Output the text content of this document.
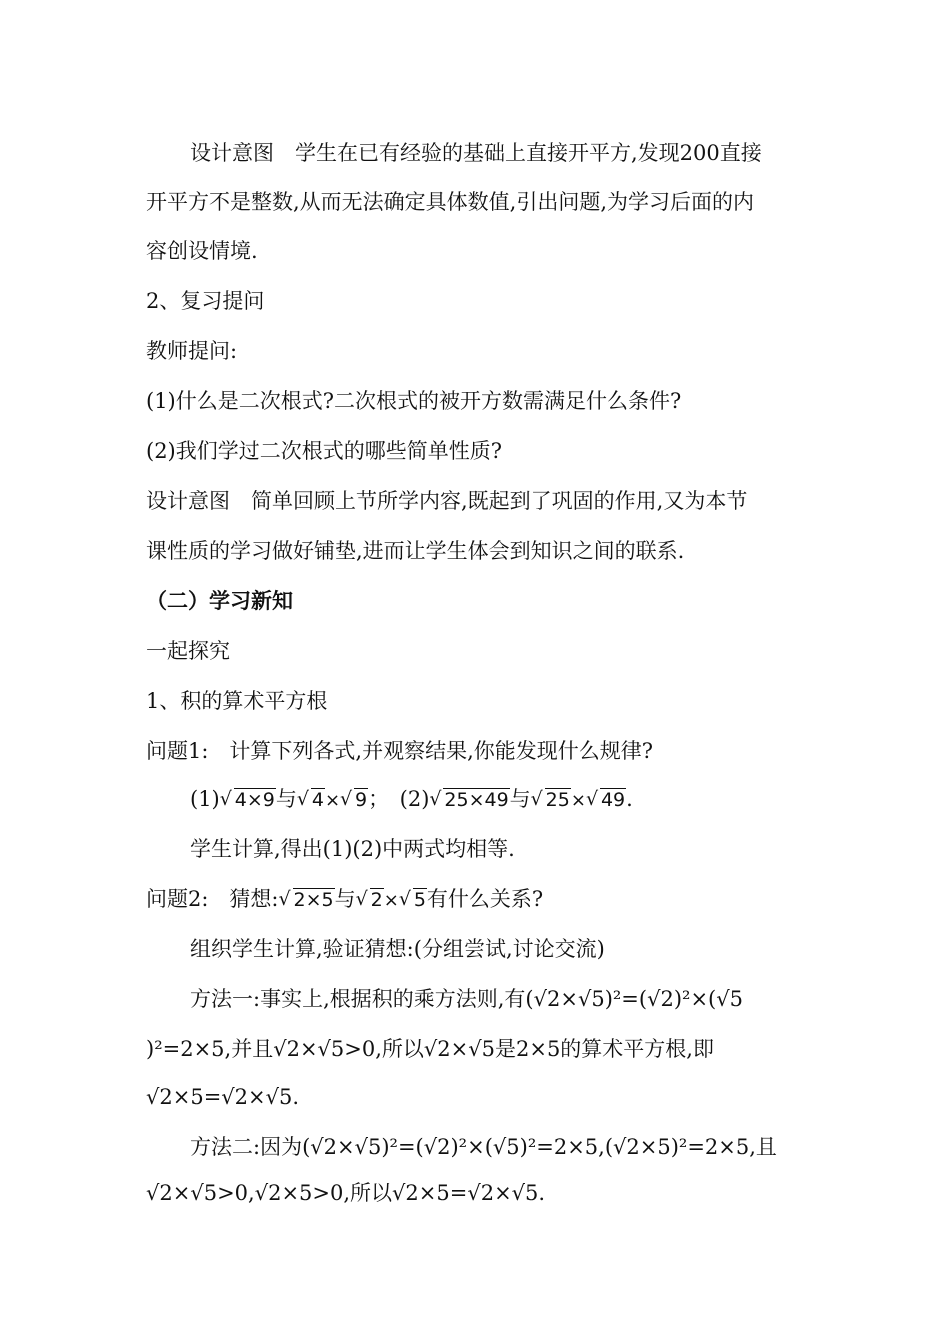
设计意图　学生在已有经验的基础上直接开平方,发现200直接
开平方不是整数,从而无法确定具体数值,引出问题,为学习后面的内
容创设情境.
2、复习提问
教师提问:
(1)什么是二次根式?二次根式的被开方数需满足什么条件?
(2)我们学过二次根式的哪些简单性质?
设计意图　简单回顾上节所学内容,既起到了巩固的作用,又为本节
课性质的学习做好铺垫,进而让学生体会到知识之间的联系.
（二）学习新知
一起探究
1、积的算术平方根
问题1:　计算下列各式,并观察结果,你能发现什么规律?
(1) √ 4×9与 √ 4× √ 9；　(2) √ 25×49与 √ 25× √ 49.
学生计算,得出(1)(2)中两式均相等.
问题2:　猜想: √ 2×5与 √ 2× √ 5有什么关系?
组织学生计算,验证猜想:(分组尝试,讨论交流)
方法一:事实上,根据积的乘方法则,有(√2×√5)²=(√2)²×(√5
)²=2×5,并且√2×√5>0,所以√2×√5是2×5的算术平方根,即
√2×5=√2×√5.
方法二:因为(√2×√5)²=(√2)²×(√5)²=2×5,(√2×5)²=2×5,且
√2×√5>0,√2×5>0,所以√2×5=√2×√5.
